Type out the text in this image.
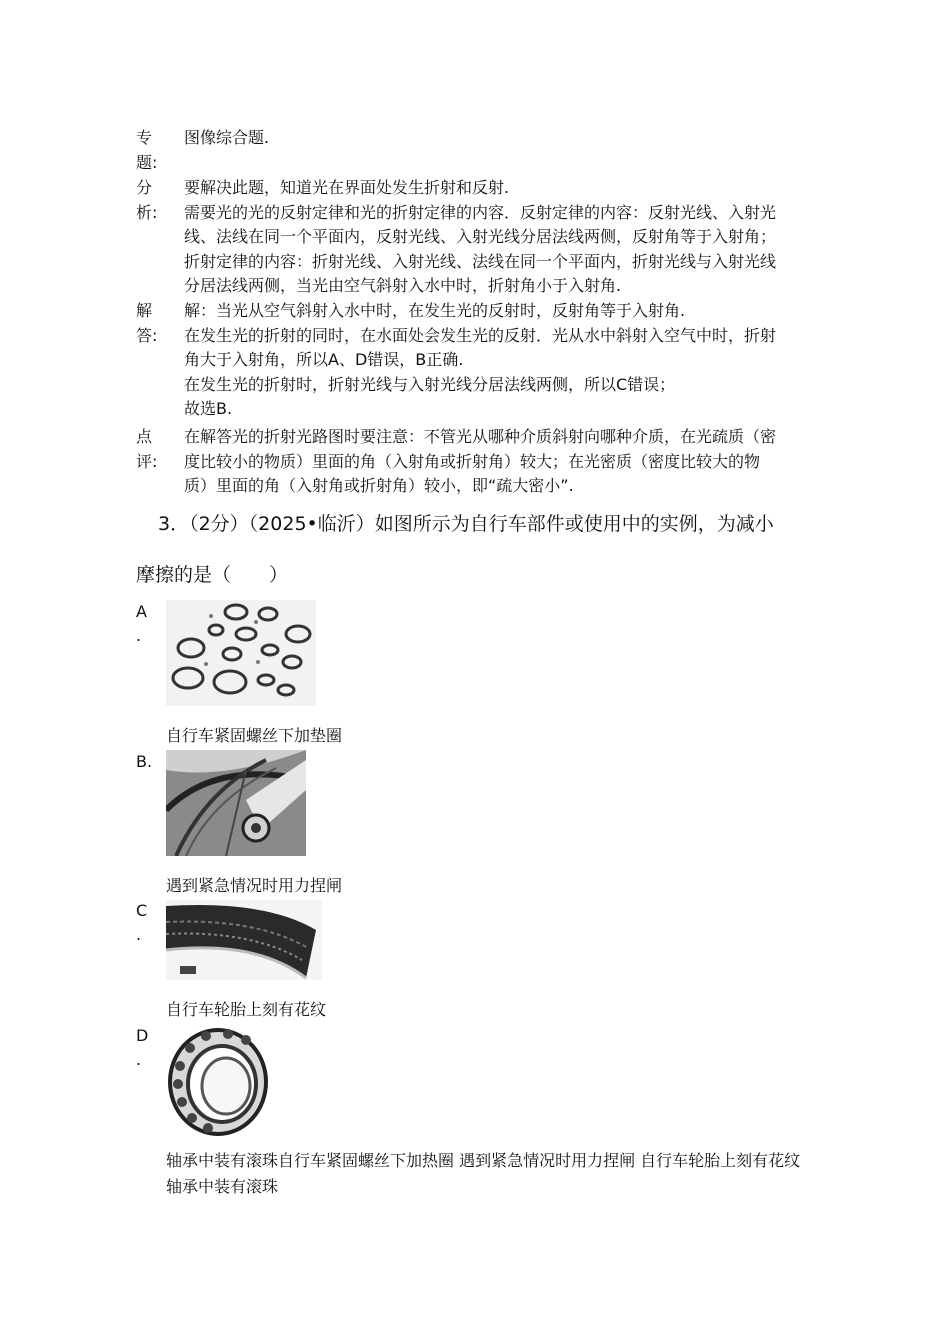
专
题:

图像综合题.

分
析:

要解决此题，知道光在界面处发生折射和反射.

需要光的光的反射定律和光的折射定律的内容．反射定律的内容：反射光线、入射光

线、法线在同一个平面内，反射光线、入射光线分居法线两侧，反射角等于入射角；

折射定律的内容：折射光线、入射光线、法线在同一个平面内，折射光线与入射光线

分居法线两侧，当光由空气斜射入水中时，折射角小于入射角.

解
答:

解：当光从空气斜射入水中时，在发生光的反射时，反射角等于入射角.

在发生光的折射的同时，在水面处会发生光的反射．光从水中斜射入空气中时，折射

角大于入射角，所以A、D错误，B正确.

在发生光的折射时，折射光线与入射光线分居法线两侧，所以C错误；

故选B.

点
评:

在解答光的折射光路图时要注意：不管光从哪种介质斜射向哪种介质，在光疏质（密

度比较小的物质）里面的角（入射角或折射角）较大；在光密质（密度比较大的物

质）里面的角（入射角或折射角）较小，即“疏大密小”.

3．（2分）（2025•临沂）如图所示为自行车部件或使用中的实例，为减小
摩擦的是（　　）
A
.
自行车紧固螺丝下加垫圈
B.
遇到紧急情况时用力捏闸
C
.
自行车轮胎上刻有花纹
D
.
轴承中装有滚珠自行车紧固螺丝下加热圈 遇到紧急情况时用力捏闸 自行车轮胎上刻有花纹 轴承中装有滚珠
